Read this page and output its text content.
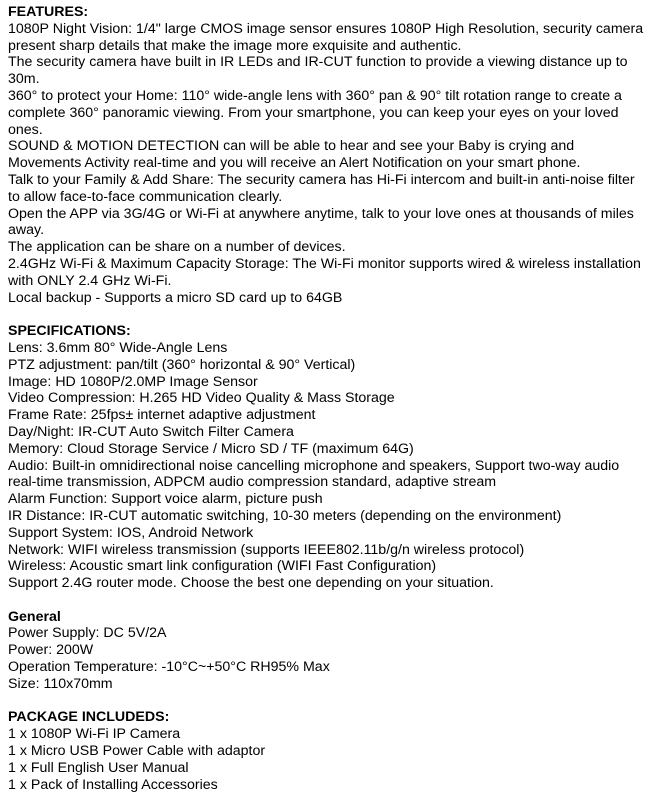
FEATURES:

1080P Night Vision: 1/4" large CMOS image sensor ensures 1080P High Resolution, security camera present sharp details that make the image more exquisite and authentic.
The security camera have built in IR LEDs and IR-CUT function to provide a viewing distance up to 30m.
360° to protect your Home: 110° wide-angle lens with 360° pan & 90° tilt rotation range to create a complete 360° panoramic viewing. From your smartphone, you can keep your eyes on your loved ones.
SOUND & MOTION DETECTION can will be able to hear and see your Baby is crying and Movements Activity real-time and you will receive an Alert Notification on your smart phone.
Talk to your Family & Add Share: The security camera has Hi-Fi intercom and built-in anti-noise filter to allow face-to-face communication clearly.
Open the APP via 3G/4G or Wi-Fi at anywhere anytime, talk to your love ones at thousands of miles away.
The application can be share on a number of devices.
2.4GHz Wi-Fi & Maximum Capacity Storage: The Wi-Fi monitor supports wired & wireless installation with ONLY 2.4 GHz Wi-Fi.
Local backup - Supports a micro SD card up to 64GB

SPECIFICATIONS:

Lens: 3.6mm 80° Wide-Angle Lens
PTZ adjustment: pan/tilt (360° horizontal & 90° Vertical)
Image: HD 1080P/2.0MP Image Sensor
Video Compression: H.265 HD Video Quality & Mass Storage
Frame Rate: 25fps± internet adaptive adjustment
Day/Night: IR-CUT Auto Switch Filter Camera
Memory: Cloud Storage Service / Micro SD / TF (maximum 64G)
Audio: Built-in omnidirectional noise cancelling microphone and speakers, Support two-way audio real-time transmission, ADPCM audio compression standard, adaptive stream
Alarm Function: Support voice alarm, picture push
IR Distance: IR-CUT automatic switching, 10-30 meters (depending on the environment)
Support System: IOS, Android Network
Network: WIFI wireless transmission (supports IEEE802.11b/g/n wireless protocol)
Wireless: Acoustic smart link configuration (WIFI Fast Configuration)
Support 2.4G router mode. Choose the best one depending on your situation.

General

Power Supply: DC 5V/2A
Power: 200W
Operation Temperature: -10°C~+50°C RH95% Max
Size: 110x70mm

PACKAGE INCLUDEDS:

1 x 1080P Wi-Fi IP Camera
1 x Micro USB Power Cable with adaptor
1 x Full English User Manual
1 x Pack of Installing Accessories
